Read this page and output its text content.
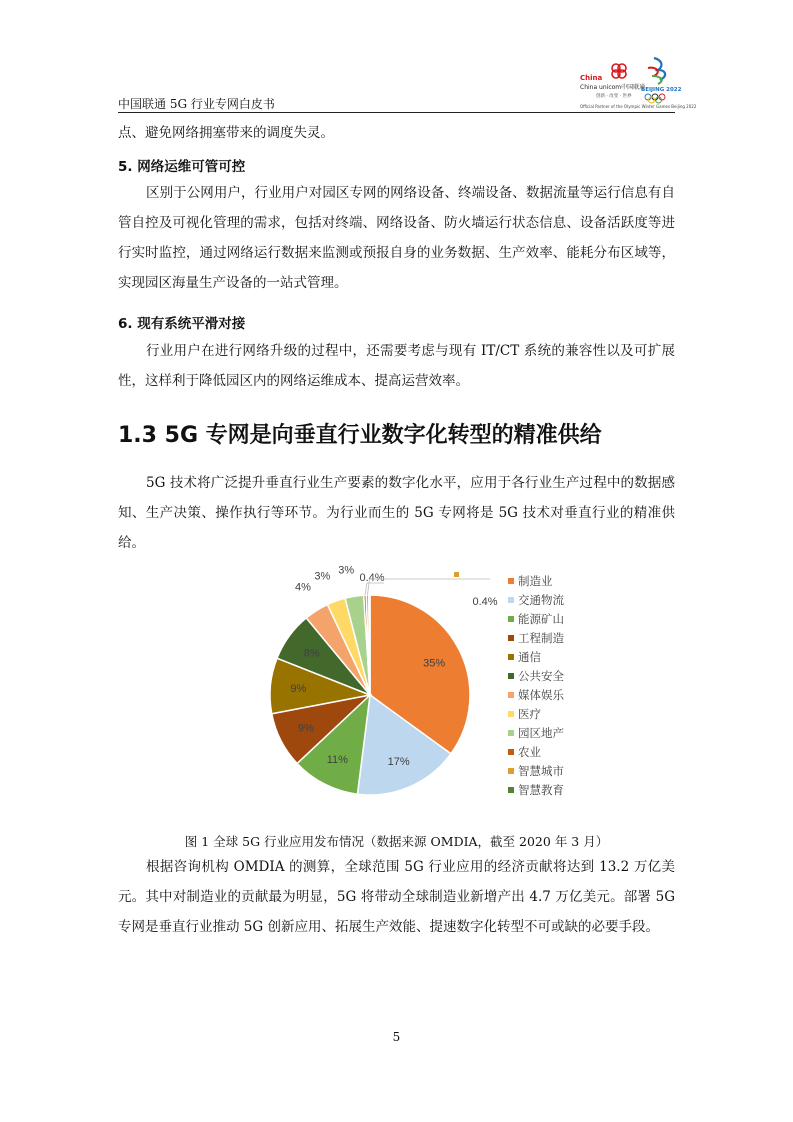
中国联通 5G 行业专网白皮书
China
China unicom中国联通
创新 · 改变 · 世界
BEIJING 2022
Official Partner of the Olympic Winter Games Beijing 2022
点、避免网络拥塞带来的调度失灵。
5. 网络运维可管可控
区别于公网用户，行业用户对园区专网的网络设备、终端设备、数据流量等运行信息有自管自控及可视化管理的需求，包括对终端、网络设备、防火墙运行状态信息、设备活跃度等进行实时监控，通过网络运行数据来监测或预报自身的业务数据、生产效率、能耗分布区域等，实现园区海量生产设备的一站式管理。
6. 现有系统平滑对接
行业用户在进行网络升级的过程中，还需要考虑与现有 IT/CT 系统的兼容性以及可扩展性，这样利于降低园区内的网络运维成本、提高运营效率。
1.3 5G 专网是向垂直行业数字化转型的精准供给
5G 技术将广泛提升垂直行业生产要素的数字化水平，应用于各行业生产过程中的数据感知、生产决策、操作执行等环节。为行业而生的 5G 专网将是 5G 技术对垂直行业的精准供给。
35%
17%
11%
9%
9%
8%
4%
3%
3%
0.4%
0.4%
制造业
交通物流
能源矿山
工程制造
通信
公共安全
媒体娱乐
医疗
园区地产
农业
智慧城市
智慧教育
图 1 全球 5G 行业应用发布情况（数据来源 OMDIA，截至 2020 年 3 月）
根据咨询机构 OMDIA 的测算，全球范围 5G 行业应用的经济贡献将达到 13.2 万亿美元。其中对制造业的贡献最为明显，5G 将带动全球制造业新增产出 4.7 万亿美元。部署 5G 专网是垂直行业推动 5G 创新应用、拓展生产效能、提速数字化转型不可或缺的必要手段。
5
